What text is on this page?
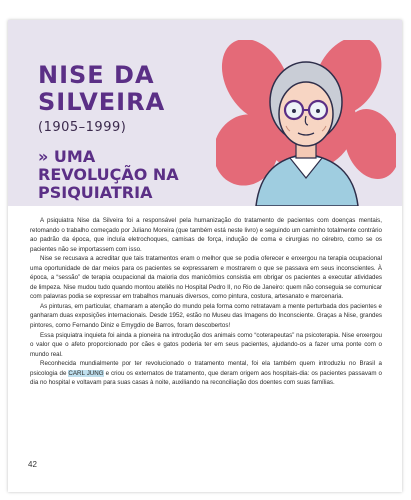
NISE DA
SILVEIRA
(1905–1999)
» UMA
REVOLUÇÃO NA
PSIQUIATRIA

A psiquiatra Nise da Silveira foi a responsável pela humanização do tratamento de pacientes com doenças mentais, retomando o trabalho começado por Juliano Moreira (que também está neste livro) e seguindo um caminho totalmente contrário ao padrão da época, que incluía eletrochoques, camisas de força, indução de coma e cirurgias no cérebro, como se os pacientes não se importassem com isso.

Nise se recusava a acreditar que tais tratamentos eram o melhor que se podia oferecer e enxergou na terapia ocupacional uma oportunidade de dar meios para os pacientes se expressarem e mostrarem o que se passava em seus inconscientes. À época, a “sessão” de terapia ocupacional da maioria dos manicômios consistia em obrigar os pacientes a executar atividades de limpeza. Nise mudou tudo quando montou ateliês no Hospital Pedro II, no Rio de Janeiro: quem não conseguia se comunicar com palavras podia se expressar em trabalhos manuais diversos, como pintura, costura, artesanato e marcenaria.

As pinturas, em particular, chamaram a atenção do mundo pela forma como retratavam a mente perturbada dos pacientes e ganharam duas exposições internacionais. Desde 1952, estão no Museu das Imagens do Inconsciente. Graças a Nise, grandes pintores, como Fernando Diniz e Emygdio de Barros, foram descobertos!

Essa psiquiatra inquieta foi ainda a pioneira na introdução dos animais como “coterapeutas” na psicoterapia. Nise enxergou o valor que o afeto proporcionado por cães e gatos poderia ter em seus pacientes, ajudando-os a fazer uma ponte com o mundo real.

Reconhecida mundialmente por ter revolucionado o tratamento mental, foi ela também quem introduziu no Brasil a psicologia de CARL JUNG e criou os externatos de tratamento, que deram origem aos hospitais-dia: os pacientes passavam o dia no hospital e voltavam para suas casas à noite, auxiliando na reconciliação dos doentes com suas famílias.

42
